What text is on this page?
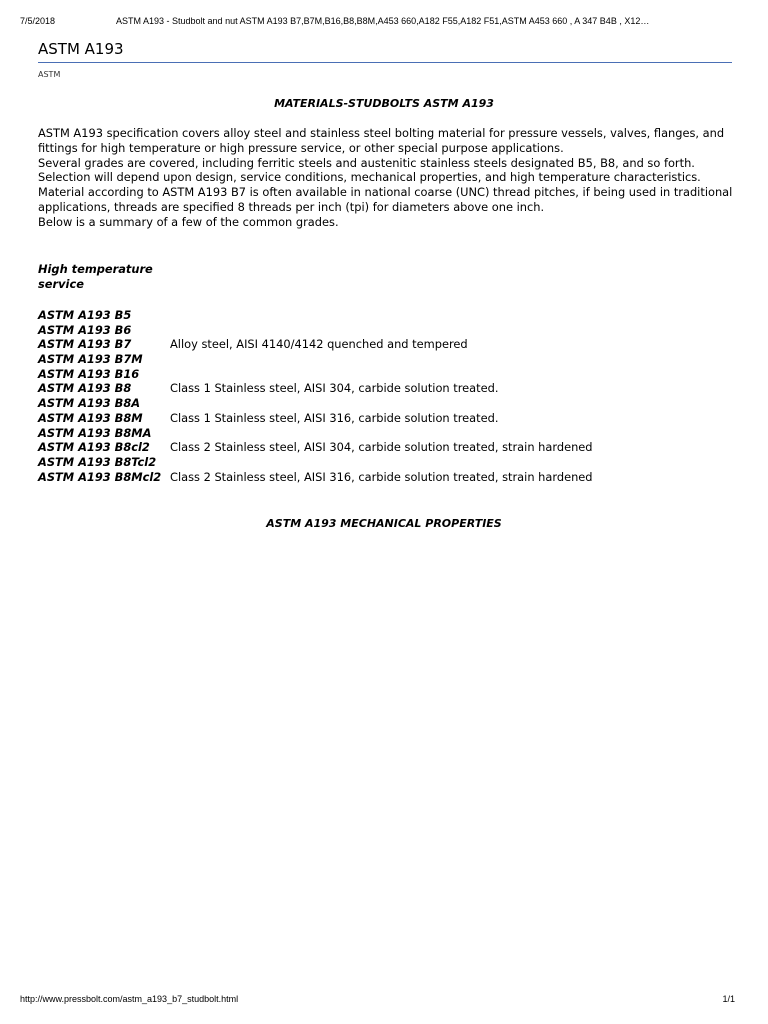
7/5/2018	ASTM A193 - Studbolt and nut ASTM A193 B7,B7M,B16,B8,B8M,A453 660,A182 F55,A182 F51,ASTM A453 660 , A 347 B4B , X12…
ASTM A193
ASTM
MATERIALS-STUDBOLTS ASTM A193

ASTM A193 specification covers alloy steel and stainless steel bolting material for pressure vessels, valves, flanges, and fittings for high temperature or high pressure service, or other special purpose applications.

Several grades are covered, including ferritic steels and austenitic stainless steels designated B5, B8, and so forth.

Selection will depend upon design, service conditions, mechanical properties, and high temperature characteristics.

Material according to ASTM A193 B7 is often available in national coarse (UNC) thread pitches, if being used in traditional applications, threads are specified 8 threads per inch (tpi) for diameters above one inch.

Below is a summary of a few of the common grades.

High temperature service
ASTM A193 B5
ASTM A193 B6
ASTM A193 B7	Alloy steel, AISI 4140/4142 quenched and tempered
ASTM A193 B7M
ASTM A193 B16
ASTM A193 B8	Class 1 Stainless steel, AISI 304, carbide solution treated.
ASTM A193 B8A
ASTM A193 B8M	Class 1 Stainless steel, AISI 316, carbide solution treated.
ASTM A193 B8MA
ASTM A193 B8cl2	Class 2 Stainless steel, AISI 304, carbide solution treated, strain hardened
ASTM A193 B8Tcl2
ASTM A193 B8Mcl2 Class 2 Stainless steel, AISI 316, carbide solution treated, strain hardened
ASTM A193 MECHANICAL PROPERTIES
http://www.pressbolt.com/astm_a193_b7_studbolt.html	1/1
